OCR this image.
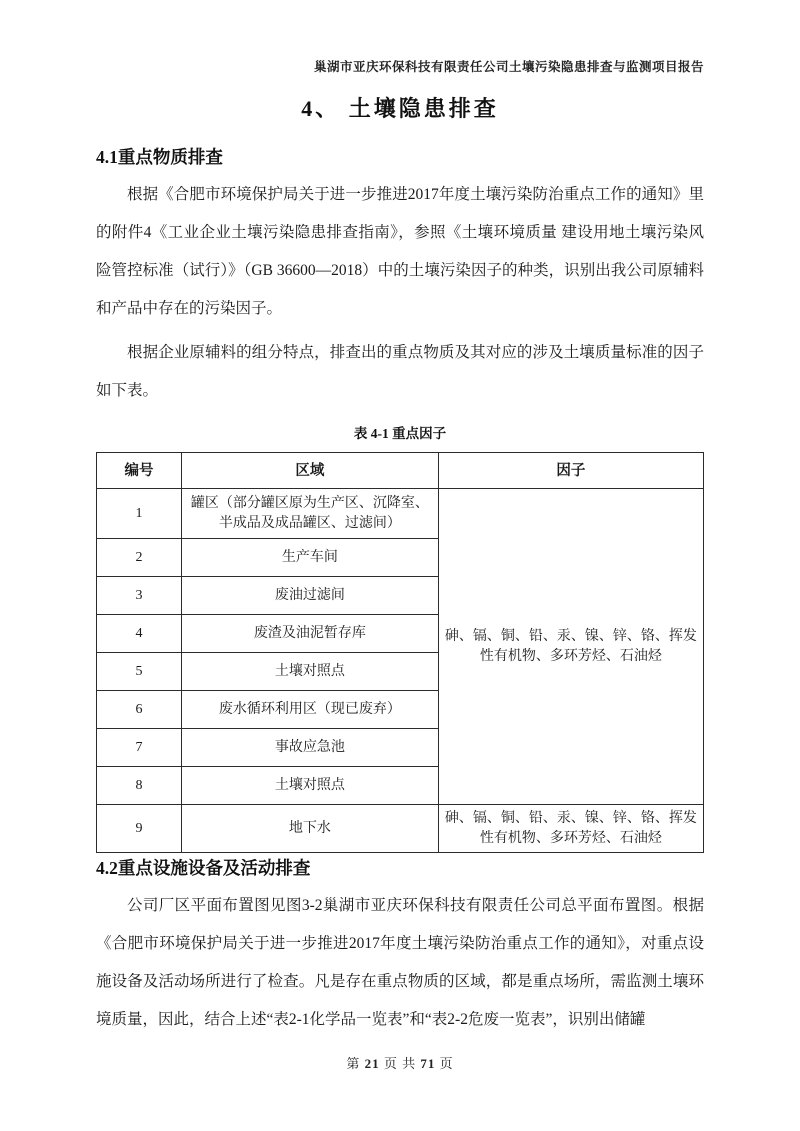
巢湖市亚庆环保科技有限责任公司土壤污染隐患排查与监测项目报告
4、 土壤隐患排查
4.1重点物质排查

根据《合肥市环境保护局关于进一步推进2017年度土壤污染防治重点工作的通知》里的附件4《工业企业土壤污染隐患排查指南》，参照《土壤环境质量 建设用地土壤污染风险管控标准（试行）》（GB 36600—2018）中的土壤污染因子的种类，识别出我公司原辅料和产品中存在的污染因子。

根据企业原辅料的组分特点，排查出的重点物质及其对应的涉及土壤质量标准的因子如下表。

表 4-1 重点因子
编号	区域	因子
1	罐区（部分罐区原为生产区、沉降室、半成品及成品罐区、过滤间）	砷、镉、铜、铅、汞、镍、锌、铬、挥发性有机物、多环芳烃、石油烃
2	生产车间	
3	废油过滤间	
4	废渣及油泥暂存库	
5	土壤对照点	
6	废水循环利用区（现已废弃）	
7	事故应急池	
8	土壤对照点	
9	地下水	砷、镉、铜、铅、汞、镍、锌、铬、挥发性有机物、多环芳烃、石油烃
4.2重点设施设备及活动排查

公司厂区平面布置图见图3-2巢湖市亚庆环保科技有限责任公司总平面布置图。根据《合肥市环境保护局关于进一步推进2017年度土壤污染防治重点工作的通知》，对重点设施设备及活动场所进行了检查。凡是存在重点物质的区域，都是重点场所，需监测土壤环境质量，因此，结合上述“表2-1化学品一览表”和“表2-2危废一览表”，识别出储罐

第 21 页 共 71 页
